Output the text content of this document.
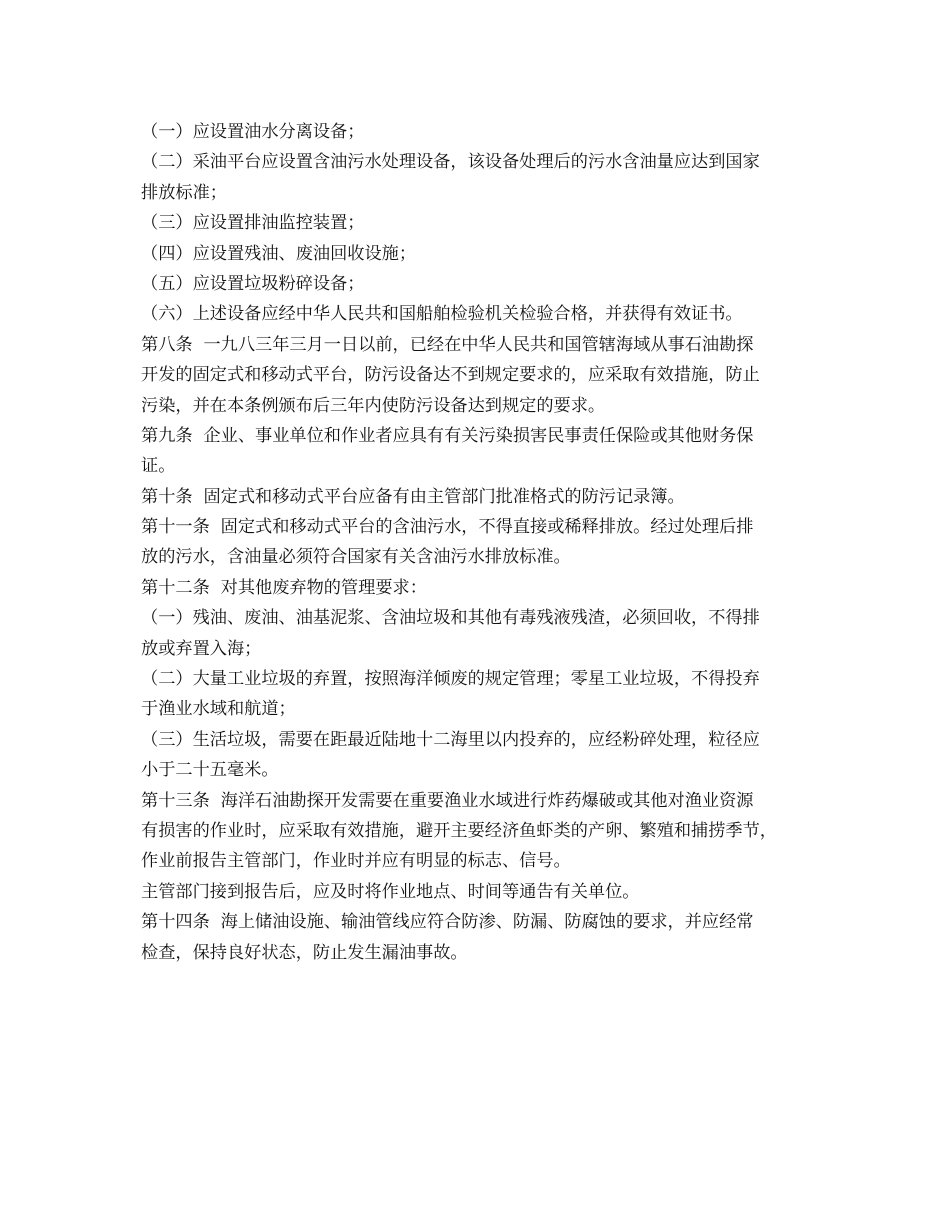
（一）应设置油水分离设备；
（二）采油平台应设置含油污水处理设备，该设备处理后的污水含油量应达到国家
排放标准；
（三）应设置排油监控装置；
（四）应设置残油、废油回收设施；
（五）应设置垃圾粉碎设备；
（六）上述设备应经中华人民共和国船舶检验机关检验合格，并获得有效证书。
第八条  一九八三年三月一日以前，已经在中华人民共和国管辖海域从事石油勘探
开发的固定式和移动式平台，防污设备达不到规定要求的，应采取有效措施，防止
污染，并在本条例颁布后三年内使防污设备达到规定的要求。
第九条  企业、事业单位和作业者应具有有关污染损害民事责任保险或其他财务保
证。
第十条  固定式和移动式平台应备有由主管部门批准格式的防污记录簿。
第十一条  固定式和移动式平台的含油污水，不得直接或稀释排放。经过处理后排
放的污水，含油量必须符合国家有关含油污水排放标准。
第十二条  对其他废弃物的管理要求：
（一）残油、废油、油基泥浆、含油垃圾和其他有毒残液残渣，必须回收，不得排
放或弃置入海；
（二）大量工业垃圾的弃置，按照海洋倾废的规定管理；零星工业垃圾，不得投弃
于渔业水域和航道；
（三）生活垃圾，需要在距最近陆地十二海里以内投弃的，应经粉碎处理，粒径应
小于二十五毫米。
第十三条  海洋石油勘探开发需要在重要渔业水域进行炸药爆破或其他对渔业资源
有损害的作业时，应采取有效措施，避开主要经济鱼虾类的产卵、繁殖和捕捞季节，
作业前报告主管部门，作业时并应有明显的标志、信号。
主管部门接到报告后，应及时将作业地点、时间等通告有关单位。
第十四条  海上储油设施、输油管线应符合防渗、防漏、防腐蚀的要求，并应经常
检查，保持良好状态，防止发生漏油事故。
